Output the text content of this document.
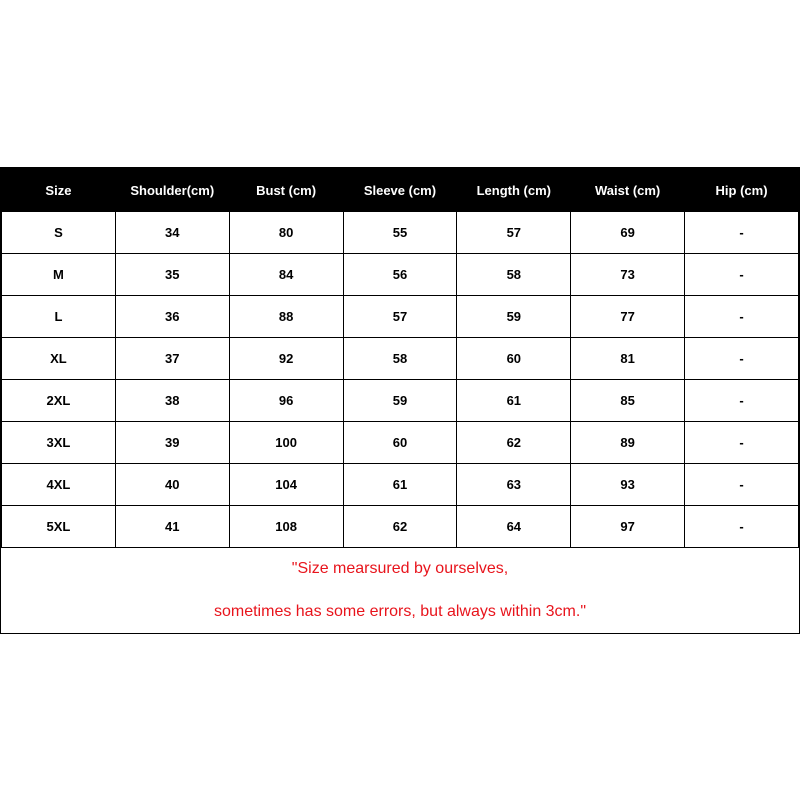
Size	Shoulder(cm)	Bust (cm)	Sleeve (cm)	Length (cm)	Waist (cm)	Hip (cm)
S	34	80	55	57	69	-
M	35	84	56	58	73	-
L	36	88	57	59	77	-
XL	37	92	58	60	81	-
2XL	38	96	59	61	85	-
3XL	39	100	60	62	89	-
4XL	40	104	61	63	93	-
5XL	41	108	62	64	97	-
"Size mearsured by ourselves,
sometimes has some errors, but always within 3cm."
